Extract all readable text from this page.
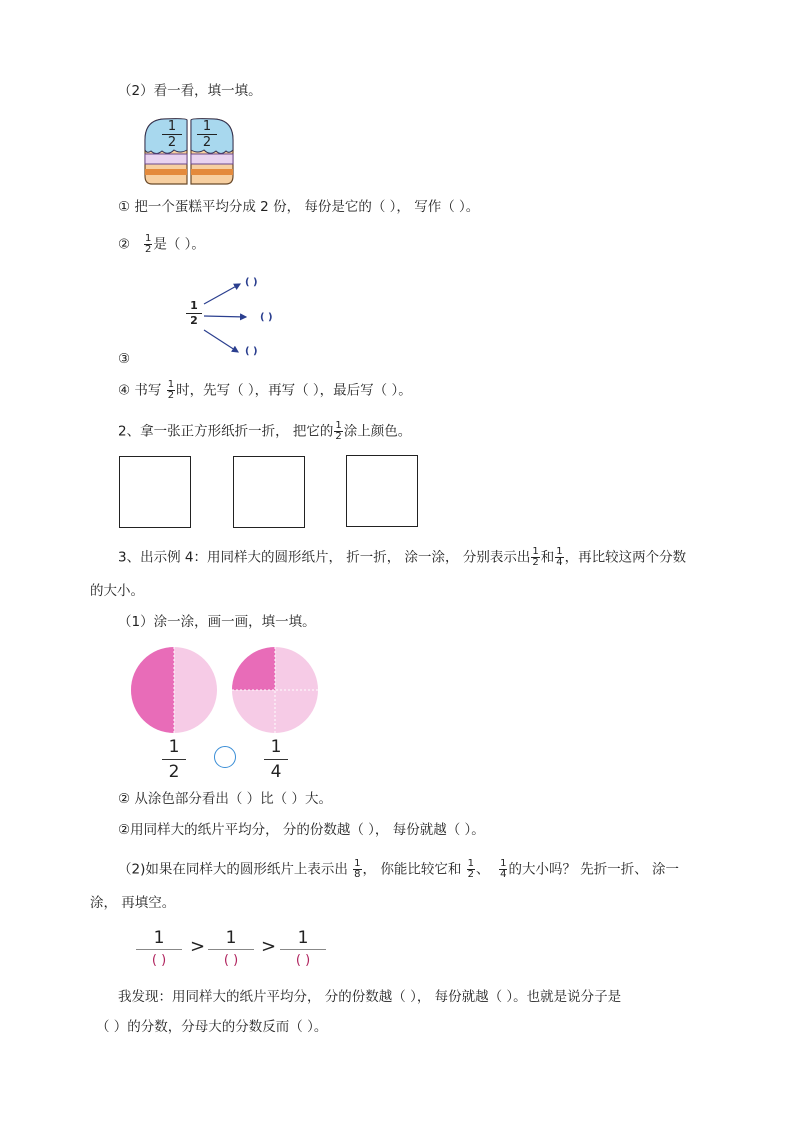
（2）看一看，填一填。
1
2
1
2
① 把一个蛋糕平均分成 2 份， 每份是它的（ ）， 写作（ ）。
② $\frac{1}{2}$ 是（ ）。
1
2
( )
( )
( )
③
④ 书写 $\frac{1}{2}$ 时，先写（ ），再写（ ），最后写（ ）。
2、拿一张正方形纸折一折， 把它的 $\frac{1}{2}$ 涂上颜色。
3、出示例 4：用同样大的圆形纸片， 折一折， 涂一涂， 分别表示出 $\frac{1}{2}$ 和 $\frac{1}{4}$ ，再比较这两个分数
的大小。
（1）涂一涂，画一画，填一填。
1
2
1
4
② 从涂色部分看出（ ）比（ ）大。
②用同样大的纸片平均分， 分的份数越（ ）， 每份就越（ ）。
（2)如果在同样大的圆形纸片上表示出 $\frac{1}{8}$ ， 你能比较它和 $\frac{1}{2}$ 、 $\frac{1}{4}$ 的大小吗？ 先折一折、 涂一
涂， 再填空。
1
( )
>	1
( )
>	1
( )
我发现：用同样大的纸片平均分， 分的份数越（ ）， 每份就越（ ）。也就是说分子是
（ ）的分数，分母大的分数反而（ ）。
